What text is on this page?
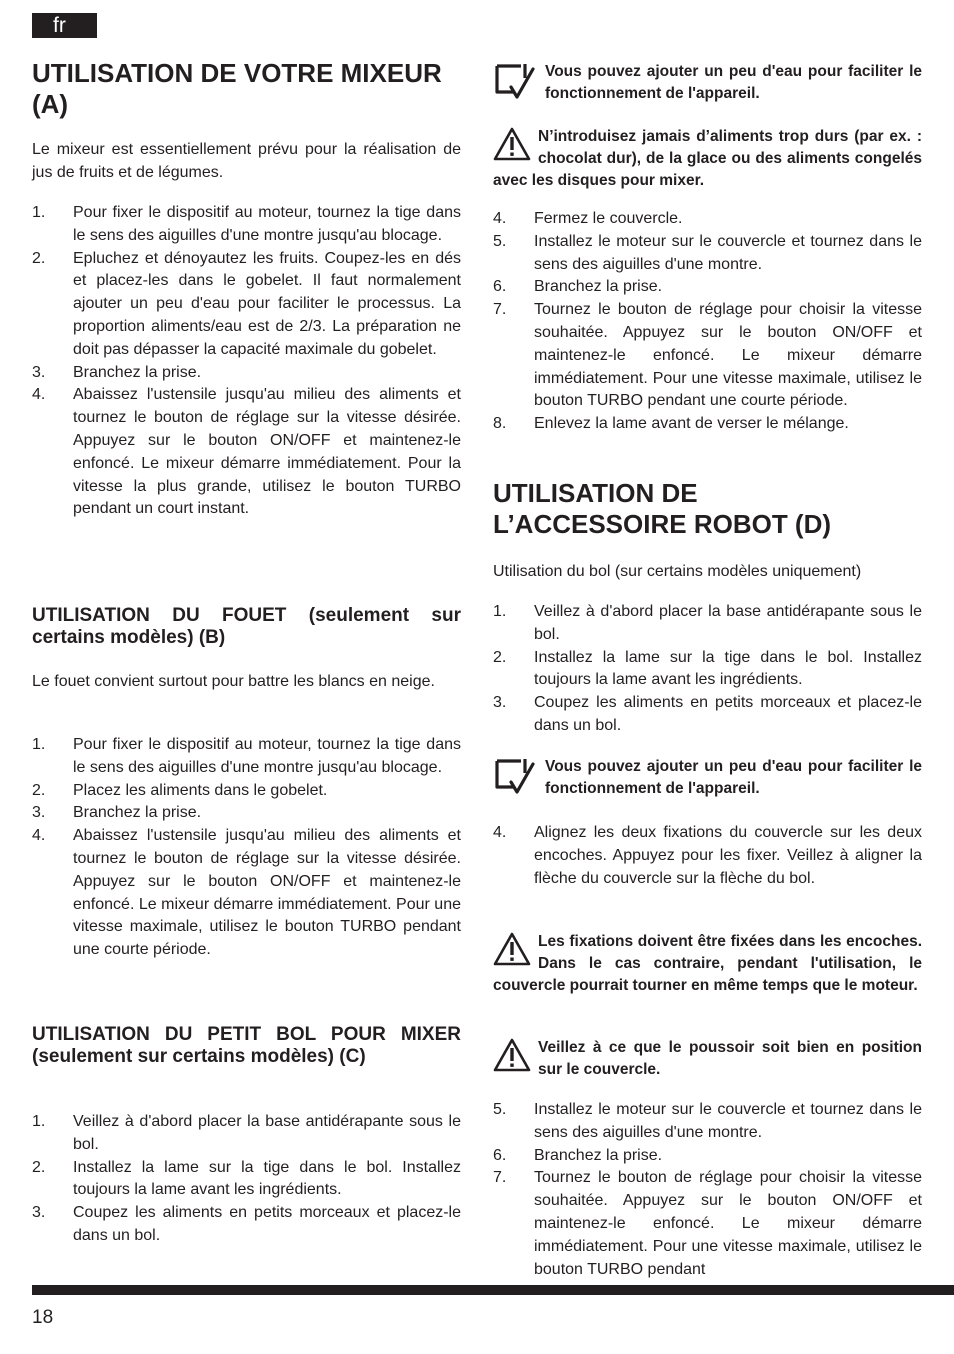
fr
UTILISATION DE VOTRE MIXEUR (A)

Le mixeur est essentiellement prévu pour la réalisation de jus de fruits et de légumes.

1. Pour fixer le dispositif au moteur, tournez la tige dans le sens des aiguilles d'une montre jusqu'au blocage.
2. Epluchez et dénoyautez les fruits. Coupez-les en dés et placez-les dans le gobelet. Il faut normalement ajouter un peu d'eau pour faciliter le processus. La proportion aliments/eau est de 2/3. La préparation ne doit pas dépasser la capacité maximale du gobelet.
3. Branchez la prise.
4. Abaissez l'ustensile jusqu'au milieu des aliments et tournez le bouton de réglage sur la vitesse désirée. Appuyez sur le bouton ON/OFF et maintenez-le enfoncé. Le mixeur démarre immédiatement. Pour la vitesse la plus grande, utilisez le bouton TURBO pendant un court instant.
UTILISATION DU FOUET (seulement sur certains modèles) (B)

Le fouet convient surtout pour battre les blancs en neige.

1. Pour fixer le dispositif au moteur, tournez la tige dans le sens des aiguilles d'une montre jusqu'au blocage.
2. Placez les aliments dans le gobelet.
3. Branchez la prise.
4. Abaissez l'ustensile jusqu'au milieu des aliments et tournez le bouton de réglage sur la vitesse désirée. Appuyez sur le bouton ON/OFF et maintenez-le enfoncé. Le mixeur démarre immédiatement. Pour une vitesse maximale, utilisez le bouton TURBO pendant une courte période.
UTILISATION DU PETIT BOL POUR MIXER (seulement sur certains modèles) (C)
1. Veillez à d'abord placer la base antidérapante sous le bol.
2. Installez la lame sur la tige dans le bol. Installez toujours la lame avant les ingrédients.
3. Coupez les aliments en petits morceaux et placez-le dans un bol.
Vous pouvez ajouter un peu d'eau pour faciliter le fonctionnement de l'appareil.
N’introduisez jamais d’aliments trop durs (par ex. : chocolat dur), de la glace ou des aliments congelés avec les disques pour mixer.
4. Fermez le couvercle.
5. Installez le moteur sur le couvercle et tournez dans le sens des aiguilles d'une montre.
6. Branchez la prise.
7. Tournez le bouton de réglage pour choisir la vitesse souhaitée. Appuyez sur le bouton ON/OFF et maintenez-le enfoncé. Le mixeur démarre immédiatement. Pour une vitesse maximale, utilisez le bouton TURBO pendant une courte période.
8. Enlevez la lame avant de verser le mélange.
UTILISATION DE L’ACCESSOIRE ROBOT (D)

Utilisation du bol (sur certains modèles uniquement)

1. Veillez à d'abord placer la base antidérapante sous le bol.
2. Installez la lame sur la tige dans le bol. Installez toujours la lame avant les ingrédients.
3. Coupez les aliments en petits morceaux et placez-le dans un bol.
Vous pouvez ajouter un peu d'eau pour faciliter le fonctionnement de l'appareil.
4. Alignez les deux fixations du couvercle sur les deux encoches. Appuyez pour les fixer. Veillez à aligner la flèche du couvercle sur la flèche du bol.
Les fixations doivent être fixées dans les encoches. Dans le cas contraire, pendant l'utilisation, le couvercle pourrait tourner en même temps que le moteur.
Veillez à ce que le poussoir soit bien en position sur le couvercle.
5. Installez le moteur sur le couvercle et tournez dans le sens des aiguilles d'une montre.
6. Branchez la prise.
7. Tournez le bouton de réglage pour choisir la vitesse souhaitée. Appuyez sur le bouton ON/OFF et maintenez-le enfoncé. Le mixeur démarre immédiatement. Pour une vitesse maximale, utilisez le bouton TURBO pendant
18
